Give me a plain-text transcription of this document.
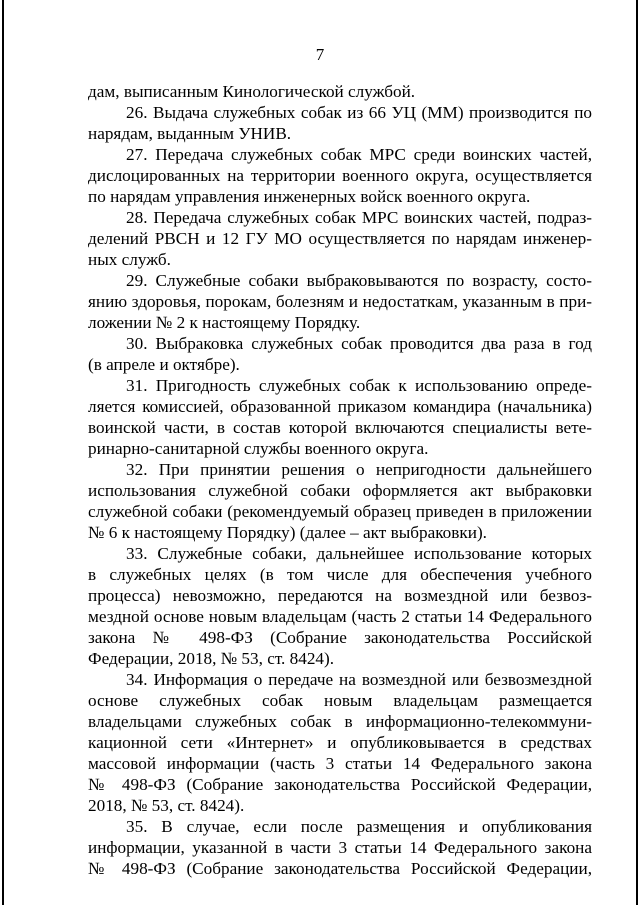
7
дам, выписанным Кинологической службой.
26. Выдача служебных собак из 66 УЦ (ММ) производится по
нарядам, выданным УНИВ.
27. Передача служебных собак МРС среди воинских частей,
дислоцированных на территории военного округа, осуществляется
по нарядам управления инженерных войск военного округа.
28. Передача служебных собак МРС воинских частей, подраз-
делений РВСН и 12 ГУ МО осуществляется по нарядам инженер-
ных служб.
29. Служебные собаки выбраковываются по возрасту, состо-
янию здоровья, порокам, болезням и недостаткам, указанным в при-
ложении № 2 к настоящему Порядку.
30. Выбраковка служебных собак проводится два раза в год
(в апреле и октябре).
31. Пригодность служебных собак к использованию опреде-
ляется комиссией, образованной приказом командира (начальника)
воинской части, в состав которой включаются специалисты вете-
ринарно-санитарной службы военного округа.
32. При принятии решения о непригодности дальнейшего
использования служебной собаки оформляется акт выбраковки
служебной собаки (рекомендуемый образец приведен в приложении
№ 6 к настоящему Порядку) (далее – акт выбраковки).
33. Служебные собаки, дальнейшее использование которых
в служебных целях (в том числе для обеспечения учебного
процесса) невозможно, передаются на возмездной или безвоз-
мездной основе новым владельцам (часть 2 статьи 14 Федерального
закона № 498-ФЗ (Собрание законодательства Российской
Федерации, 2018, № 53, ст. 8424).
34. Информация о передаче на возмездной или безвозмездной
основе служебных собак новым владельцам размещается
владельцами служебных собак в информационно-телекоммуни-
кационной сети «Интернет» и опубликовывается в средствах
массовой информации (часть 3 статьи 14 Федерального закона
№ 498-ФЗ (Собрание законодательства Российской Федерации,
2018, № 53, ст. 8424).
35. В случае, если после размещения и опубликования
информации, указанной в части 3 статьи 14 Федерального закона
№ 498-ФЗ (Собрание законодательства Российской Федерации,
